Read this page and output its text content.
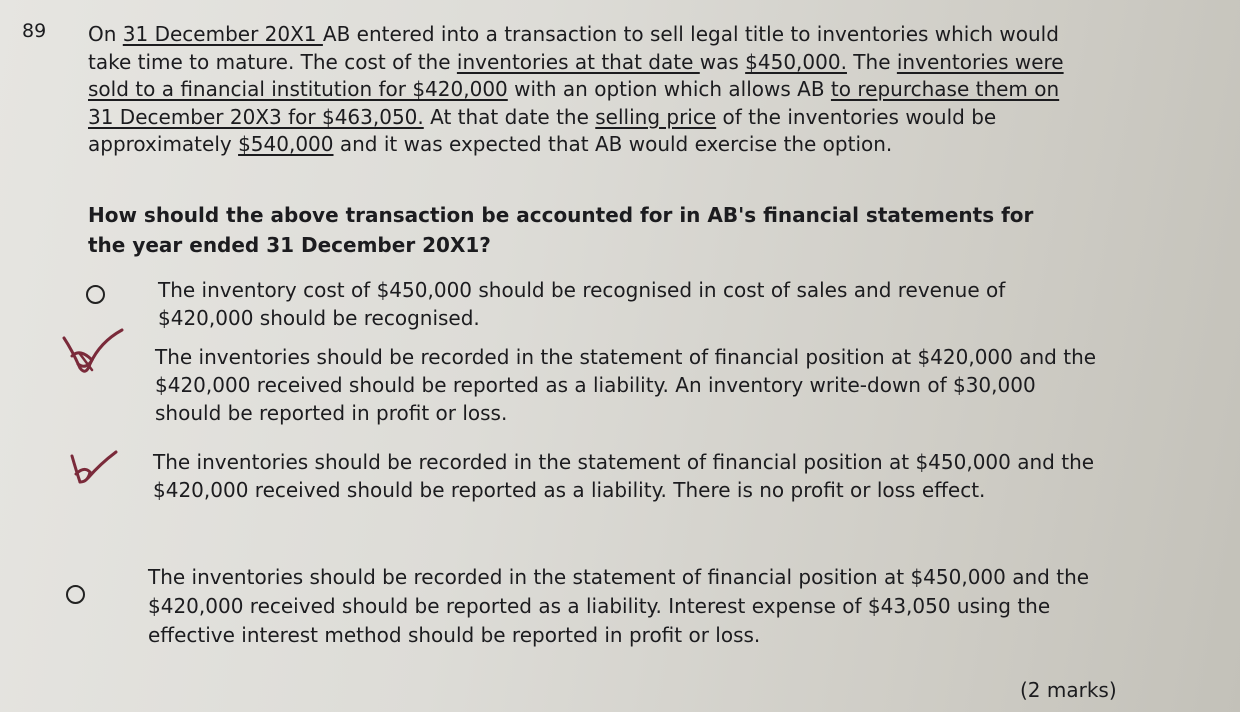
89 On 31 December 20X1 AB entered into a transaction to sell legal title to inventories which would take time to mature. The cost of the inventories at that date was $450,000. The inventories were sold to a financial institution for $420,000 with an option which allows AB to repurchase them on 31 December 20X3 for $463,050. At that date the selling price of the inventories would be approximately $540,000 and it was expected that AB would exercise the option.

How should the above transaction be accounted for in AB's financial statements for the year ended 31 December 20X1?

The inventory cost of $450,000 should be recognised in cost of sales and revenue of $420,000 should be recognised.

The inventories should be recorded in the statement of financial position at $420,000 and the $420,000 received should be reported as a liability. An inventory write-down of $30,000 should be reported in profit or loss.

The inventories should be recorded in the statement of financial position at $450,000 and the $420,000 received should be reported as a liability. There is no profit or loss effect.

The inventories should be recorded in the statement of financial position at $450,000 and the $420,000 received should be reported as a liability. Interest expense of $43,050 using the effective interest method should be reported in profit or loss.

(2 marks)
